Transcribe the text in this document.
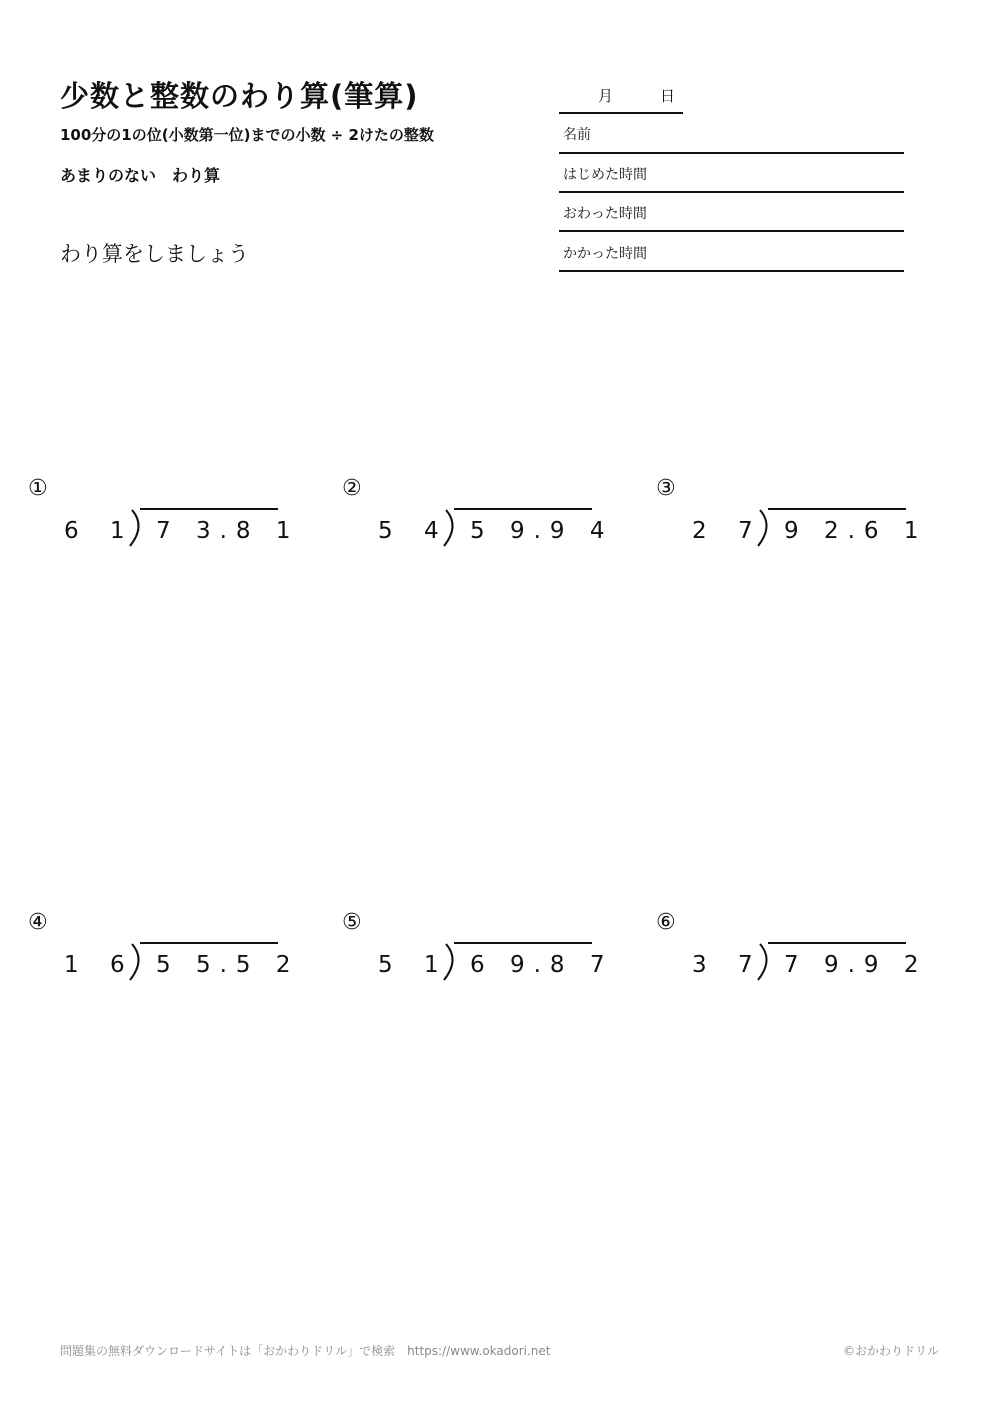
少数と整数のわり算(筆算)
100分の1の位(小数第一位)までの小数 ÷ 2けたの整数
あまりのない　わり算
わり算をしましょう
月	日
名前
はじめた時間
おわった時間
かかった時間
①
6 1 7 3.8 1
②
5 4 5 9.9 4
③
2 7 9 2.6 1
④
1 6 5 5.5 2
⑤
5 1 6 9.8 7
⑥
3 7 7 9.9 2
問題集の無料ダウンロードサイトは「おかわりドリル」で検索　https://www.okadori.net	©おかわりドリル
